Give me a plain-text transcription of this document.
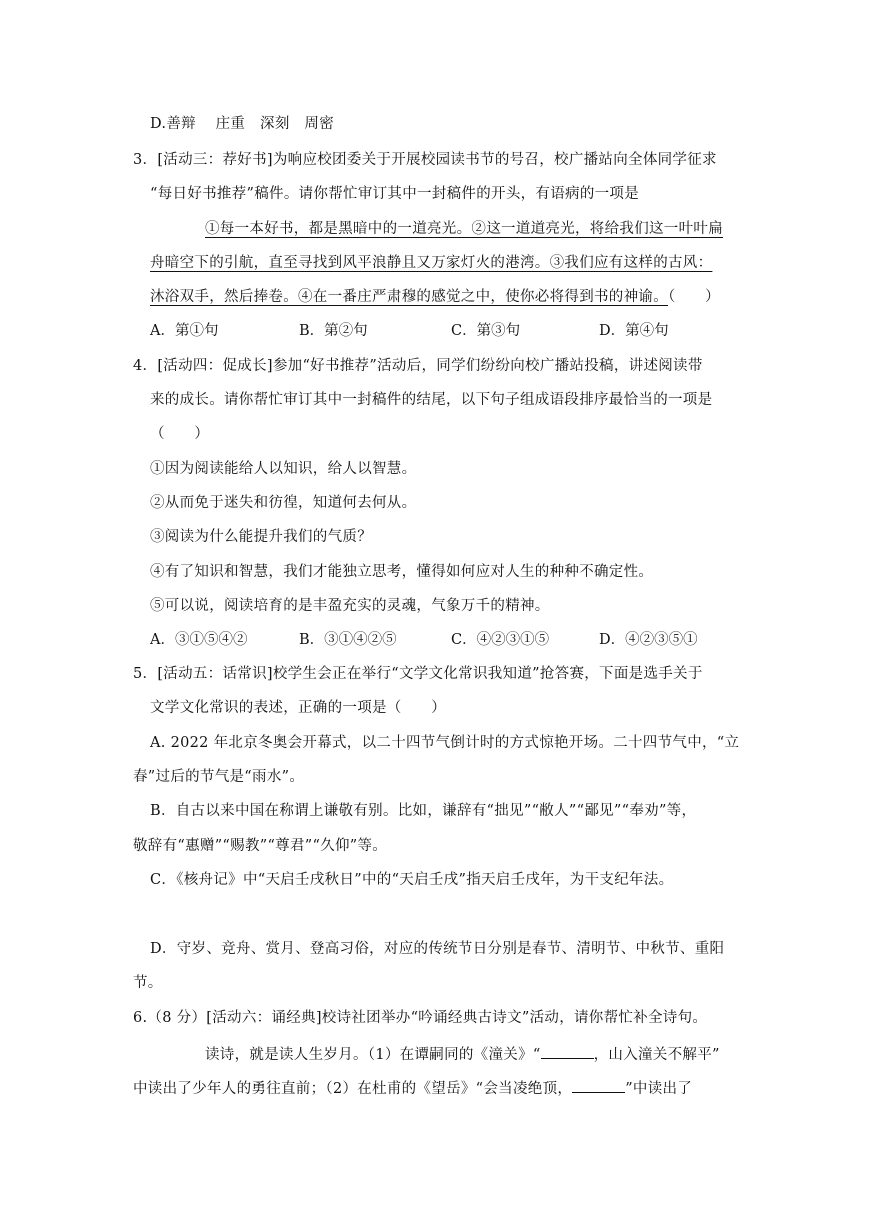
D.善辩　 庄重　深刻　周密
3．[活动三：荐好书]为响应校团委关于开展校园读书节的号召，校广播站向全体同学征求
“每日好书推荐”稿件。请你帮忙审订其中一封稿件的开头，有语病的一项是
①每一本好书，都是黑暗中的一道亮光。②这一道道亮光，将给我们这一叶叶扁
舟暗空下的引航，直至寻找到风平浪静且又万家灯火的港湾。③我们应有这样的古风：
沐浴双手，然后捧卷。④在一番庄严肃穆的感觉之中，使你必将得到书的神谕。（　　）
A．第①句	B．第②句	C．第③句	D．第④句
4．[活动四：促成长]参加“好书推荐”活动后，同学们纷纷向校广播站投稿，讲述阅读带
来的成长。请你帮忙审订其中一封稿件的结尾，以下句子组成语段排序最恰当的一项是
（　　）
①因为阅读能给人以知识，给人以智慧。
②从而免于迷失和彷徨，知道何去何从。
③阅读为什么能提升我们的气质？
④有了知识和智慧，我们才能独立思考，懂得如何应对人生的种种不确定性。
⑤可以说，阅读培育的是丰盈充实的灵魂，气象万千的精神。
A．③①⑤④②	B．③①④②⑤	C．④②③①⑤	D．④②③⑤①
5．[活动五：话常识]校学生会正在举行“文学文化常识我知道”抢答赛，下面是选手关于
文学文化常识的表述，正确的一项是（　　）
A. 2022 年北京冬奥会开幕式，以二十四节气倒计时的方式惊艳开场。二十四节气中，“立
春”过后的节气是“雨水”。
B．自古以来中国在称谓上谦敬有别。比如，谦辞有“拙见”“敝人”“鄙见”“奉劝”等，
敬辞有“惠赠”“赐教”“尊君”“久仰”等。
C．《核舟记》中“天启壬戌秋日”中的“天启壬戌”指天启壬戌年，为干支纪年法。
D．守岁、竞舟、赏月、登高习俗，对应的传统节日分别是春节、清明节、中秋节、重阳
节。
6.（8 分）[活动六：诵经典]校诗社团举办“吟诵经典古诗文”活动，请你帮忙补全诗句。
读诗，就是读人生岁月。（1）在谭嗣同的《潼关》“	，山入潼关不解平”
中读出了少年人的勇往直前；（2）在杜甫的《望岳》“会当凌绝顶，	”中读出了
